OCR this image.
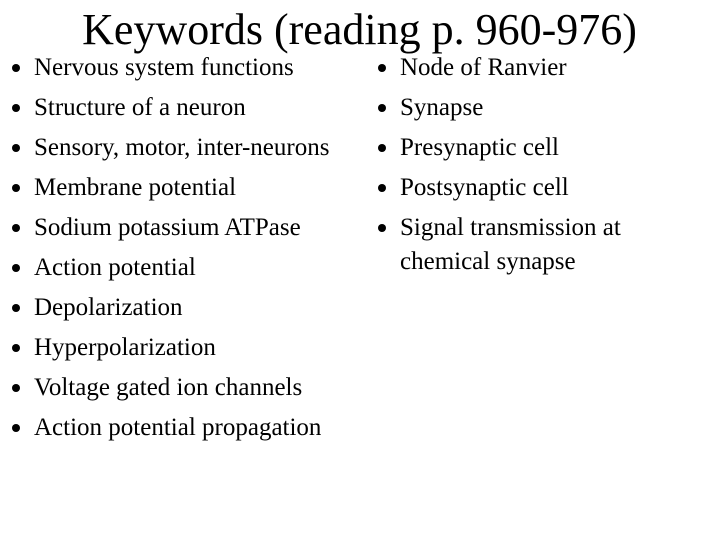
Keywords (reading p. 960-976)
Nervous system functions
Structure of a neuron
Sensory, motor, inter-neurons
Membrane potential
Sodium potassium ATPase
Action potential
Depolarization
Hyperpolarization
Voltage gated ion channels
Action potential propagation
Node of Ranvier
Synapse
Presynaptic cell
Postsynaptic cell
Signal transmission at chemical synapse
